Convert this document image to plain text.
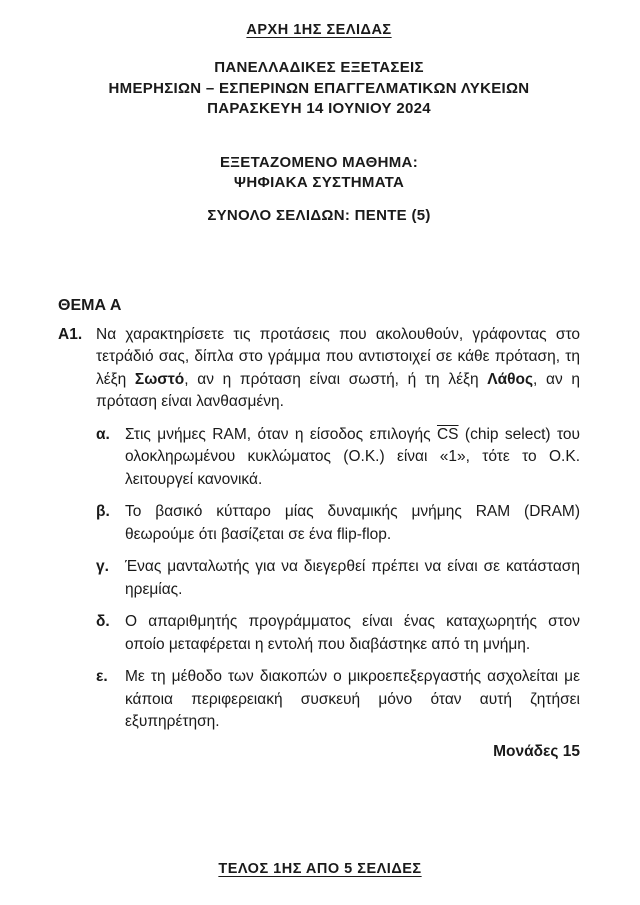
ΑΡΧΗ 1ΗΣ ΣΕΛΙΔΑΣ
ΠΑΝΕΛΛΑΔΙΚΕΣ ΕΞΕΤΑΣΕΙΣ
ΗΜΕΡΗΣΙΩΝ – ΕΣΠΕΡΙΝΩΝ ΕΠΑΓΓΕΛΜΑΤΙΚΩΝ ΛΥΚΕΙΩΝ
ΠΑΡΑΣΚΕΥΗ 14 ΙΟΥΝΙΟΥ 2024
ΕΞΕΤΑΖΟΜΕΝΟ ΜΑΘΗΜΑ:
ΨΗΦΙΑΚΑ ΣΥΣΤΗΜΑΤΑ
ΣΥΝΟΛΟ ΣΕΛΙΔΩΝ: ΠΕΝΤΕ (5)
ΘΕΜΑ Α
Α1. Να χαρακτηρίσετε τις προτάσεις που ακολουθούν, γράφοντας στο τετράδιό σας, δίπλα στο γράμμα που αντιστοιχεί σε κάθε πρόταση, τη λέξη Σωστό, αν η πρόταση είναι σωστή, ή τη λέξη Λάθος, αν η πρόταση είναι λανθασμένη.
α. Στις μνήμες RAM, όταν η είσοδος επιλογής $\overline{CS}$ (chip select) του ολοκληρωμένου κυκλώματος (Ο.Κ.) είναι «1», τότε το Ο.Κ. λειτουργεί κανονικά.
β. Το βασικό κύτταρο μίας δυναμικής μνήμης RAM (DRAM) θεωρούμε ότι βασίζεται σε ένα flip-flop.
γ.	Ένας μανταλωτής για να διεγερθεί πρέπει να είναι σε κατάσταση ηρεμίας.
δ. Ο απαριθμητής προγράμματος είναι ένας καταχωρητής στον οποίο μεταφέρεται η εντολή που διαβάστηκε από τη μνήμη.
ε.	Με τη μέθοδο των διακοπών ο μικροεπεξεργαστής ασχολείται με κάποια περιφερειακή συσκευή μόνο όταν αυτή ζητήσει εξυπηρέτηση.
Μονάδες 15
ΤΕΛΟΣ 1ΗΣ ΑΠΟ 5 ΣΕΛΙΔΕΣ
